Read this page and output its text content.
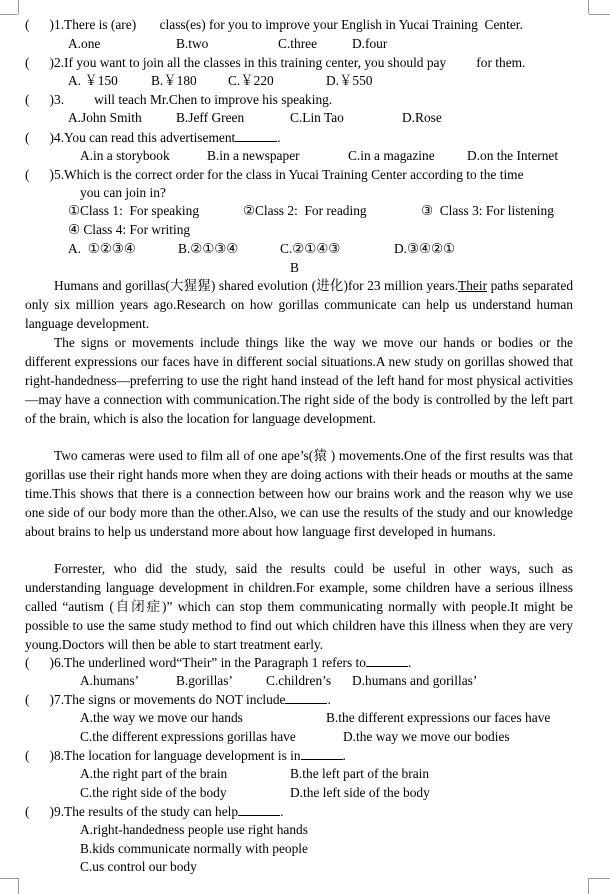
(      )1.There is (are)       class(es) for you to improve your English in Yucai Training  Center.
A.one	B.two	C.three	D.four
(      )2.If you want to join all the classes in this training center, you should pay         for them.
A. ￥150 B.￥180 C.￥220	D.￥550
(      )3.         will teach Mr.Chen to improve his speaking.
A.John Smith	B.Jeff Green	C.Lin Tao	D.Rose
(      )4.You can read this advertisement	.
A.in a storybook	B.in a newspaper	C.in a magazine D.on the Internet
(      )5.Which is the correct order for the class in Yucai Training Center according to the time
you can join in?
①Class 1:  For speaking	②Class 2:  For reading	③  Class 3: For listening
④ Class 4: For writing
A.  ①②③④	B.②①③④	C.②①④③	D.③④②①
B

Humans and gorillas(大猩猩) shared evolution (进化)for 23 million years.Their paths separated only six million years ago.Research on how gorillas communicate can help us understand human language development.

The signs or movements include things like the way we move our hands or bodies or the different expressions our faces have in different social situations.A new study on gorillas showed that right-handedness—preferring to use the right hand instead of the left hand for most physical activities—may have a connection with communication.The right side of the body is controlled by the left part of the brain, which is also the location for language development.

Two cameras were used to film all of one ape’s(猿 ) movements.One of the first results was that gorillas use their right hands more when they are doing actions with their heads or mouths at the same time.This shows that there is a connection between how our brains work and the reason why we use one side of our body more than the other.Also, we can use the results of the study and our knowledge about brains to help us understand more about how language first developed in humans.

Forrester, who did the study, said the results could be useful in other ways, such as understanding language development in children.For example, some children have a serious illness called “autism (自闭症)” which can stop them communicating normally with people.It might be possible to use the same study method to find out which children have this illness when they are very young.Doctors will then be able to start treatment early.

(      )6.The underlined word“Their” in the Paragraph 1 refers to	.
A.humans’	B.gorillas’ C.children’s D.humans and gorillas’
(      )7.The signs or movements do NOT include	.
A.the way we move our hands	B.the different expressions our faces have
C.the different expressions gorillas have	D.the way we move our bodies
(      )8.The location for language development is in	.
A.the right part of the brain	B.the left part of the brain
C.the right side of the body	D.the left side of the body
(      )9.The results of the study can help	.
A.right-handedness people use right hands
B.kids communicate normally with people
C.us control our body
